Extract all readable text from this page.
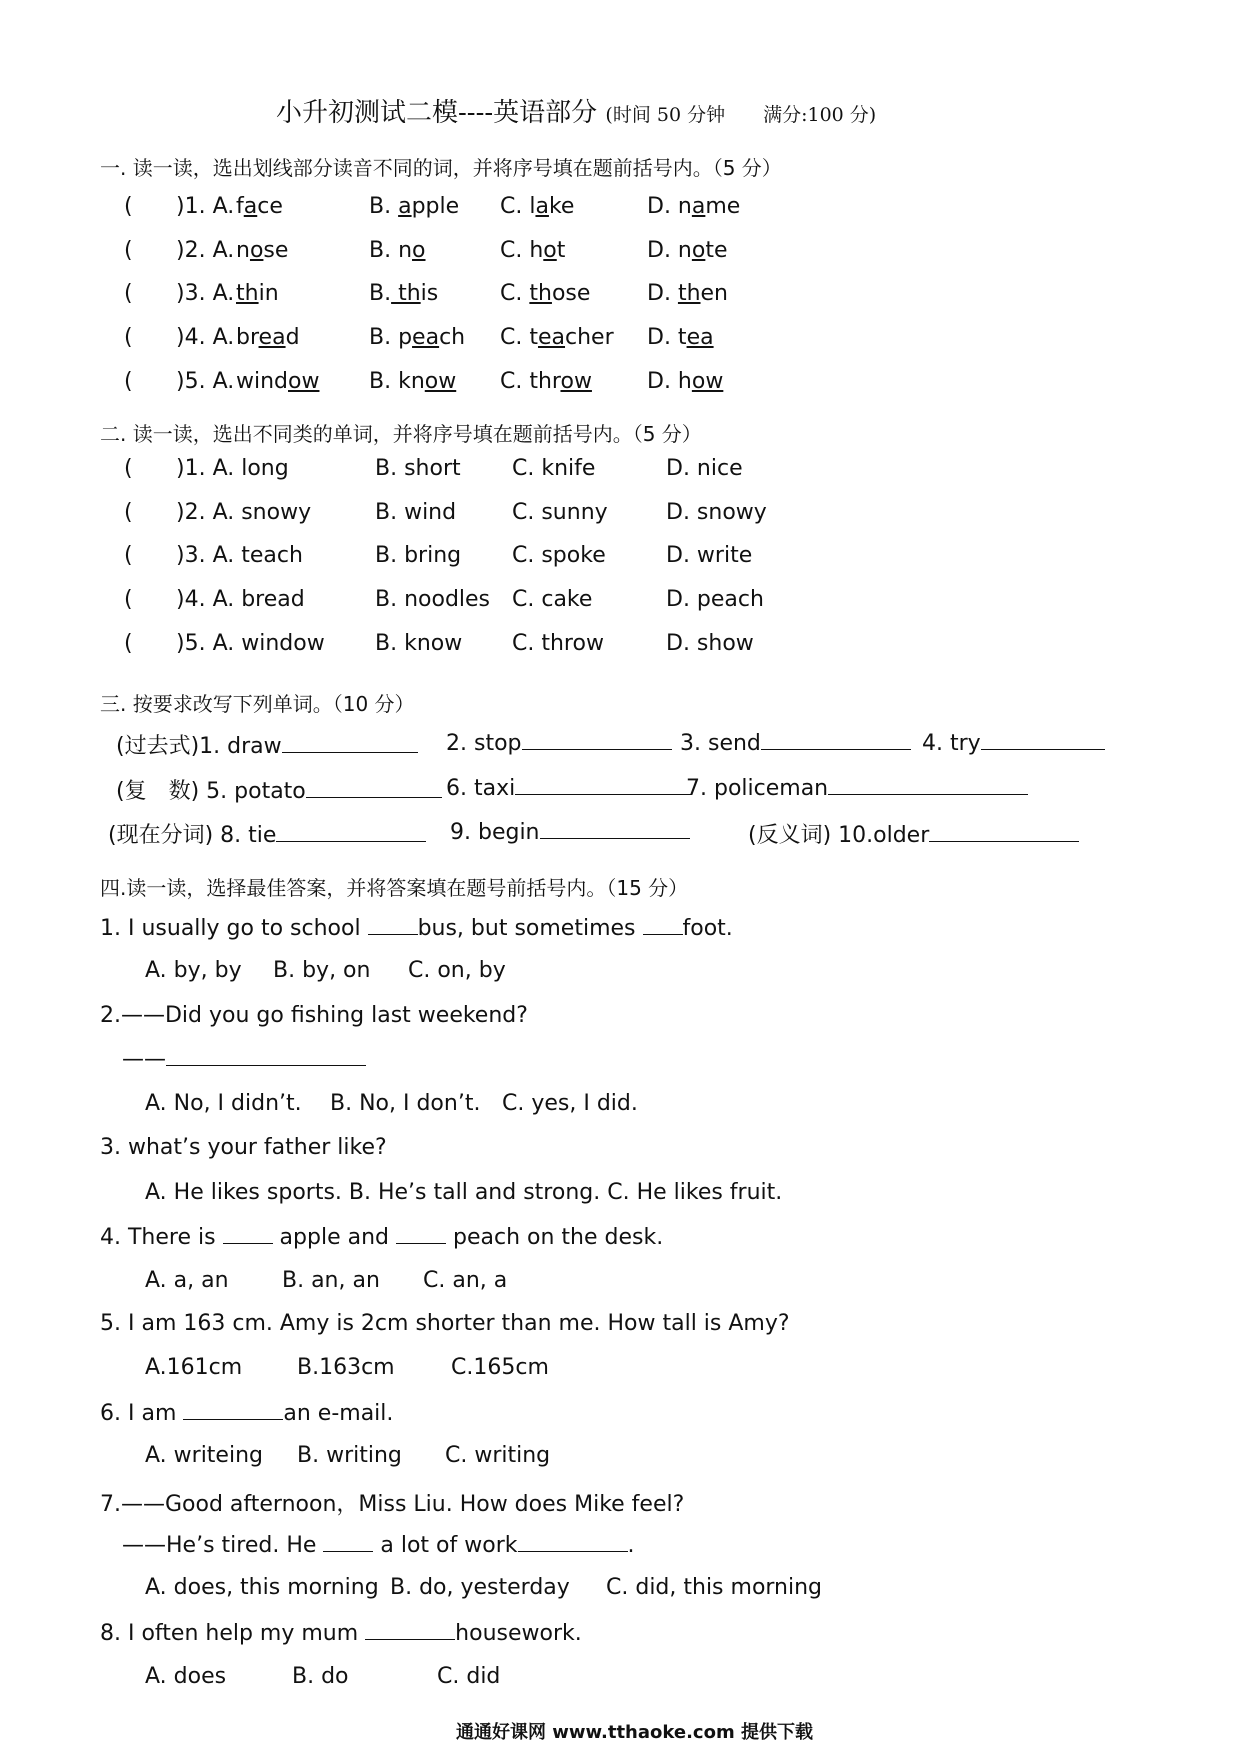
小升初测试二模----英语部分 (时间 50 分钟　　满分:100 分)
一. 读一读，选出划线部分读音不同的词，并将序号填在题前括号内。（5 分）
( )1. A. face	B. apple C. lake	D. name
( )2. A. nose	B. no	C. hot	D. note
( )3. A. thin	B. this	C. those	D. then
( )4. A. bread	B. peach C. teacher D. tea
( )5. A. window B. know C. throw	D. how
二. 读一读，选出不同类的单词，并将序号填在题前括号内。（5 分）
( )1. A. long	B. short C. knife	D. nice
( )2. A. snowy	B. wind	C. sunny	D. snowy
( )3. A. teach	B. bring C. spoke	D. write
( )4. A. bread	B. noodles C. cake	D. peach
( )5. A. window B. know C. throw	D. show
三. 按要求改写下列单词。（10 分）
(过去式)1. draw	2. stop	3. send	4. try
(复　数) 5. potato	6. taxi	7. policeman
(现在分词) 8. tie	9. begin	(反义词) 10.older
四.读一读，选择最佳答案，并将答案填在题号前括号内。（15 分）
1. I usually go to school bus, but sometimes foot.
A. by, by B. by, on C. on, by
2.——Did you go fishing last weekend?
——
A. No, I didn’t. B. No, I don’t. C. yes, I did.
3. what’s your father like?
A. He likes sports. B. He’s tall and strong. C. He likes fruit.
4. There is  apple and  peach on the desk.
A. a, an B. an, an C. an, a
5. I am 163 cm. Amy is 2cm shorter than me. How tall is Amy?
A.161cm B.163cm	C.165cm
6. I am	an e-mail.
A. writeing B. writing C. writing
7.——Good afternoon，Miss Liu. How does Mike feel?
——He’s tired. He  a lot of work	.
A. does, this morning B. do, yesterday C. did, this morning
8. I often help my mum	housework.
A. does	B. do	C. did
通通好课网 www.tthaoke.com 提供下载
